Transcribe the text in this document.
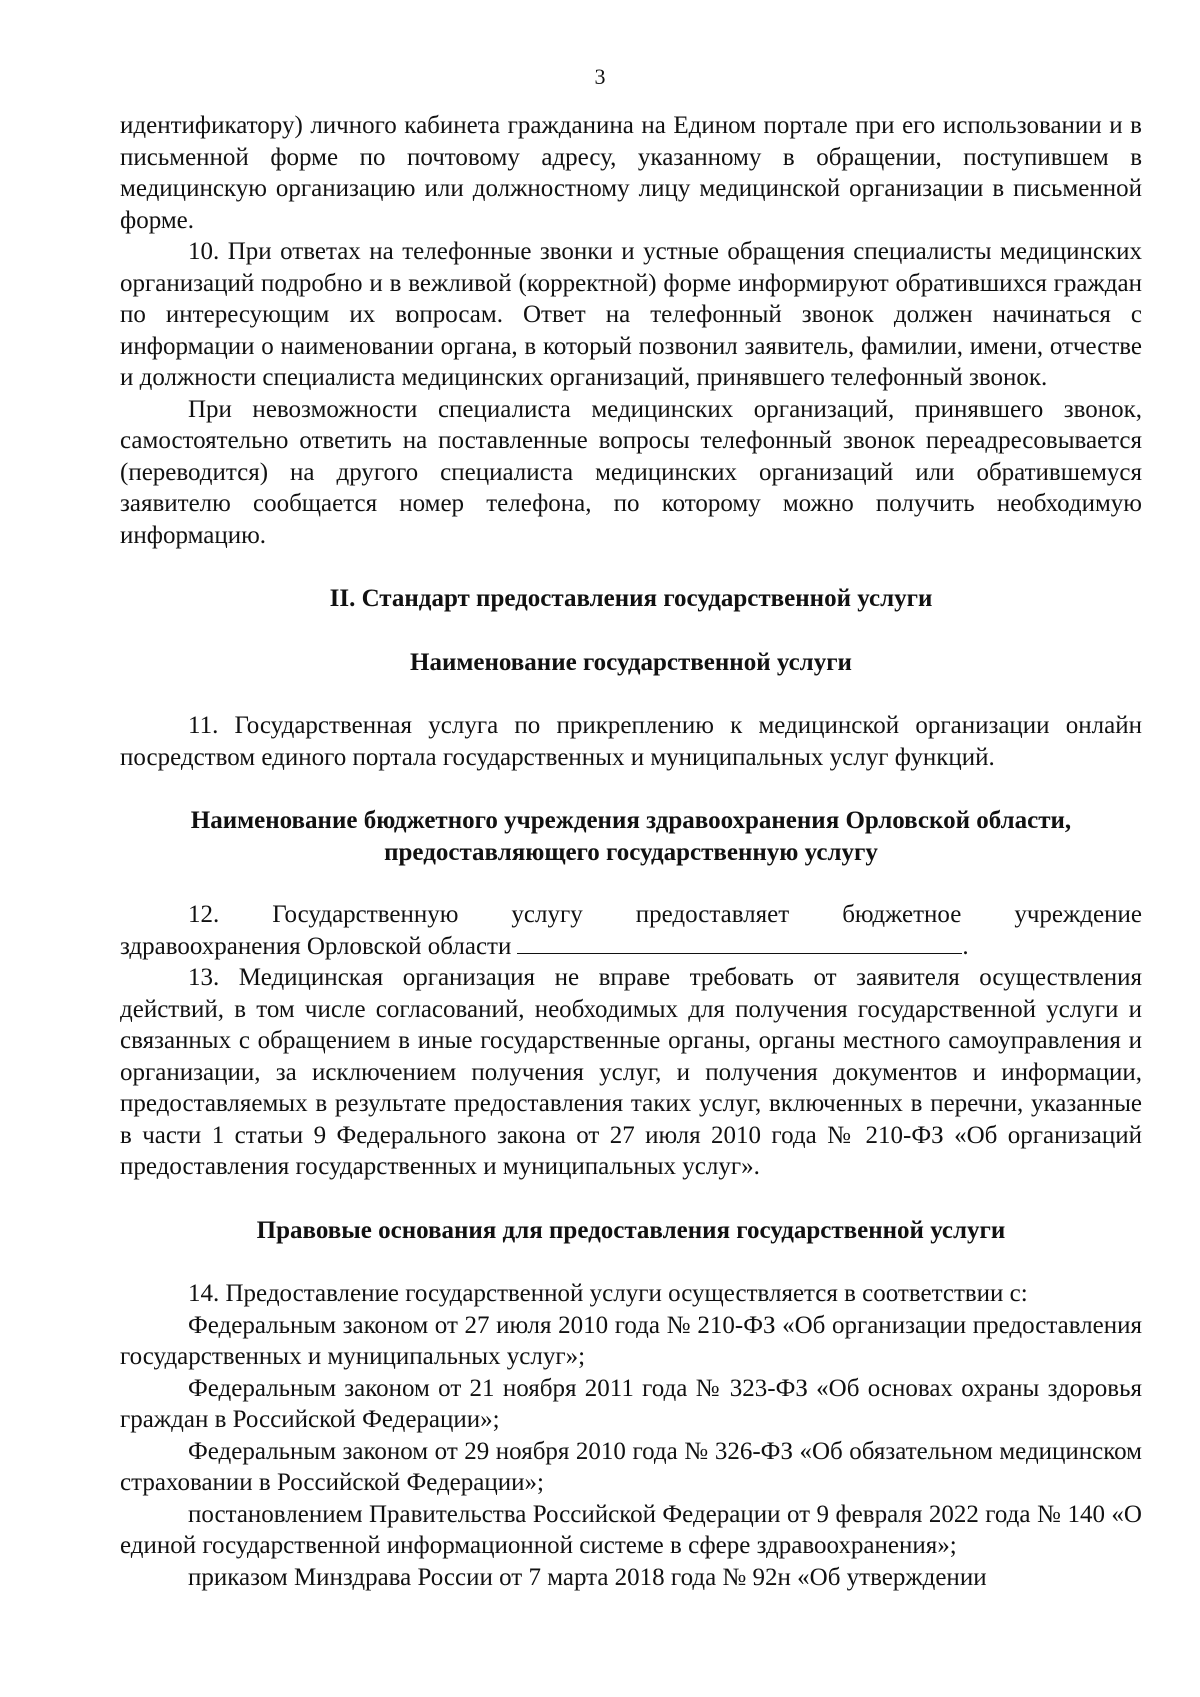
3

идентификатору) личного кабинета гражданина на Едином портале при его использовании и в письменной форме по почтовому адресу, указанному в обращении, поступившем в медицинскую организацию или должностному лицу медицинской организации в письменной форме.

10. При ответах на телефонные звонки и устные обращения специалисты медицинских организаций подробно и в вежливой (корректной) форме информируют обратившихся граждан по интересующим их вопросам. Ответ на телефонный звонок должен начинаться с информации о наименовании органа, в который позвонил заявитель, фамилии, имени, отчестве и должности специалиста медицинских организаций, принявшего телефонный звонок.

При невозможности специалиста медицинских организаций, принявшего звонок, самостоятельно ответить на поставленные вопросы телефонный звонок переадресовывается (переводится) на другого специалиста медицинских организаций или обратившемуся заявителю сообщается номер телефона, по которому можно получить необходимую информацию.

II. Стандарт предоставления государственной услуги
Наименование государственной услуги

11. Государственная услуга по прикреплению к медицинской организации онлайн посредством единого портала государственных и муниципальных услуг функций.

Наименование бюджетного учреждения здравоохранения Орловской области,
предоставляющего государственную услугу
12. Государственную услугу предоставляет бюджетное учреждение

здравоохранения Орловской области	.

13. Медицинская организация не вправе требовать от заявителя осуществления действий, в том числе согласований, необходимых для получения государственной услуги и связанных с обращением в иные государственные органы, органы местного самоуправления и организации, за исключением получения услуг, и получения документов и информации, предоставляемых в результате предоставления таких услуг, включенных в перечни, указанные в части 1 статьи 9 Федерального закона от 27 июля 2010 года № 210-ФЗ «Об организаций предоставления государственных и муниципальных услуг».

Правовые основания для предоставления государственной услуги

14. Предоставление государственной услуги осуществляется в соответствии с:

Федеральным законом от 27 июля 2010 года № 210-ФЗ «Об организации предоставления государственных и муниципальных услуг»;

Федеральным законом от 21 ноября 2011 года № 323-ФЗ «Об основах охраны здоровья граждан в Российской Федерации»;

Федеральным законом от 29 ноября 2010 года № 326-ФЗ «Об обязательном медицинском страховании в Российской Федерации»;

постановлением Правительства Российской Федерации от 9 февраля 2022 года № 140 «О единой государственной информационной системе в сфере здравоохранения»;

приказом Минздрава России от 7 марта 2018 года № 92н «Об утверждении
